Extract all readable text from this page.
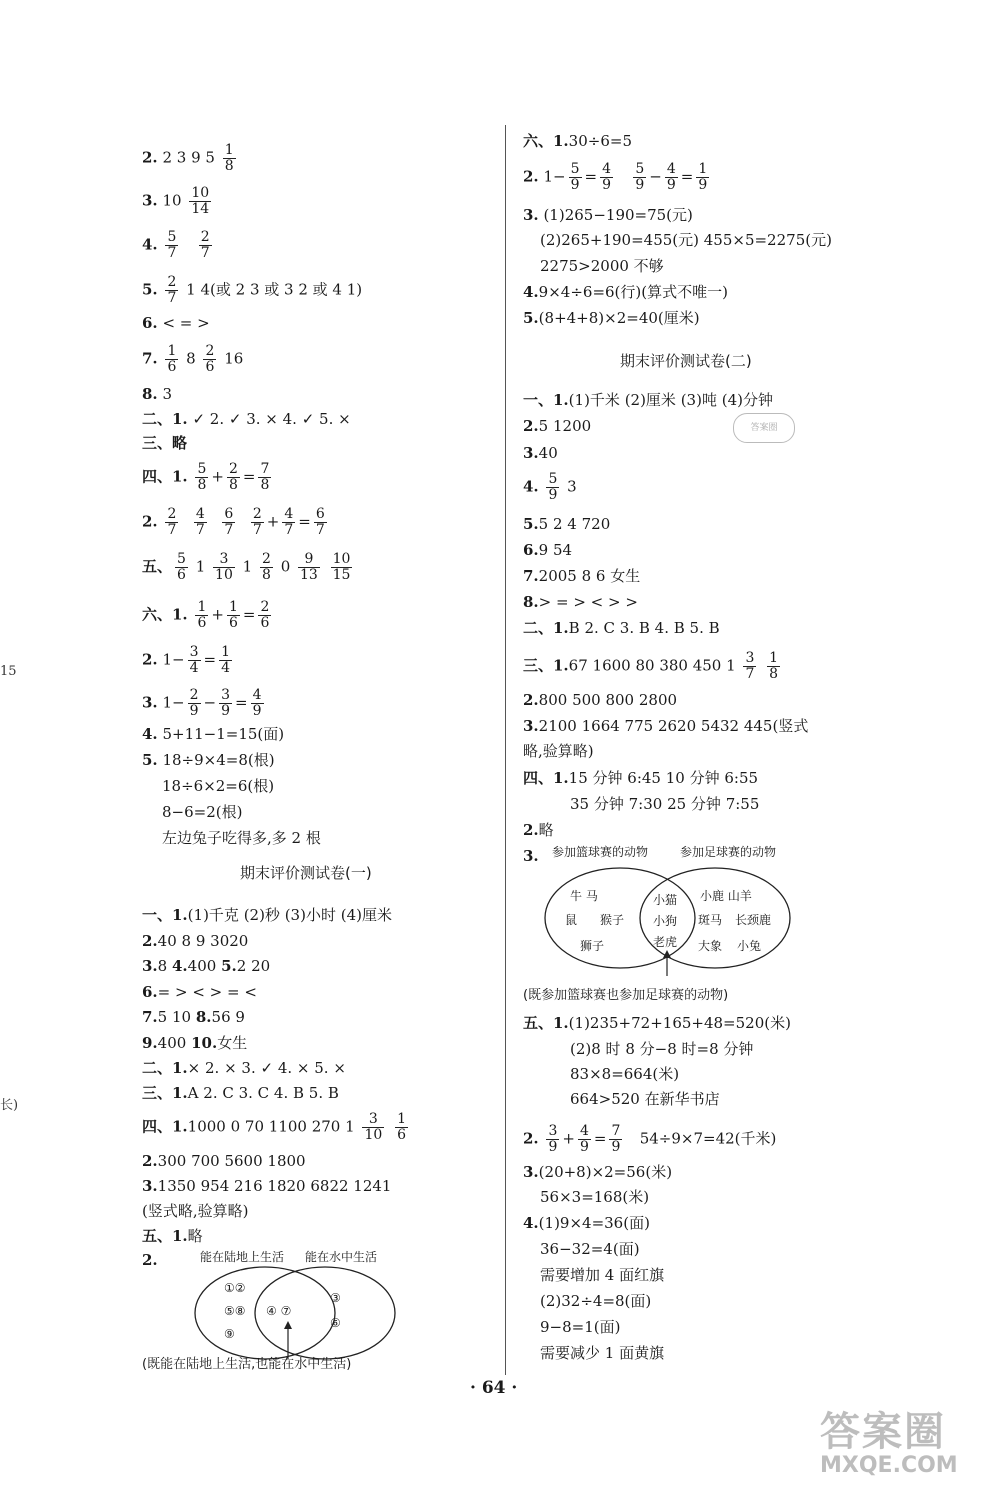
15
长)
2. 2 3 9 $5 \frac{1}{8}$
3. $10 \frac{10}{14}$
4. $\frac{5}{7}$
$\frac{2}{7}$
5. $\frac{2}{7} 1$ 4(或 2 3 或 3 2 或 4 1)
6. < = >
7. $\frac{1}{6} 8 \frac{2}{6} 16$
8. 3
二、1. ✓ 2. ✓ 3. × 4. ✓ 5. ×
三、略
四、1. $\frac{5}{8} + \frac{2}{8} = \frac{7}{8}$
2. $\frac{2}{7}$
$\frac{4}{7}$
$\frac{6}{7}$
$\frac{2}{7} + \frac{4}{7} = \frac{6}{7}$
五、 $\frac{5}{6} 1 \frac{3}{10} 1 \frac{2}{8} 0 \frac{9}{13}$
$\frac{10}{15}$
六、1. $\frac{1}{6} + \frac{1}{6} = \frac{2}{6}$
2. $1- \frac{3}{4} = \frac{1}{4}$
3. $1- \frac{2}{9} - \frac{3}{9} = \frac{4}{9}$
4. 5+11−1=15(面)
5. 18÷9×4=8(根)
18÷6×2=6(根)
8−6=2(根)
左边兔子吃得多,多 2 根
期末评价测试卷(一)
一、1.(1)千克 (2)秒 (3)小时 (4)厘米
2.40 8 9 3020
3.8 4.400 5.2 20
6.= > < > = <
7.5 10 8.56 9
9.400 10.女生
二、1.× 2. × 3. ✓ 4. × 5. ×
三、1.A 2. C 3. C 4. B 5. B
四、1.1000 0 70 1100 270 $1 \frac{3}{10}$
$\frac{1}{6}$
2.300 700 5600 1800
3.1350 954 216 1820 6822 1241
(竖式略,验算略)
五、1.略
2.	能在陆地上生活 能在水中生活
①②
⑤⑧
⑨
④ ⑦
③
⑥
(既能在陆地上生活,也能在水中生活)
六、1.30÷6=5
2. $1- \frac{5}{9} = \frac{4}{9}$
$\frac{5}{9} - \frac{4}{9} = \frac{1}{9}$
3. (1)265−190=75(元)
(2)265+190=455(元) 455×5=2275(元)
2275>2000 不够
4.9×4÷6=6(行)(算式不唯一)
5.(8+4+8)×2=40(厘米)
期末评价测试卷(二)
答案圈
一、1.(1)千米 (2)厘米 (3)吨 (4)分钟
2.5 1200
3.40
4. $\frac{5}{9} 3$
5.5 2 4 720
6.9 54
7.2005 8 6 女生
8.> = > < > >
二、1.B 2. C 3. B 4. B 5. B
三、1.67 1600 80 380 450 $1 \frac{3}{7}$
$\frac{1}{8}$
2.800 500 800 2800
3.2100 1664 775 2620 5432 445(竖式
略,验算略)
四、1.15 分钟 6:45 10 分钟 6:55
35 分钟 7:30 25 分钟 7:55
2.略
3. 参加篮球赛的动物	参加足球赛的动物
牛 马
鼠 猴子
狮子
小猫
小狗
老虎
小鹿 山羊
斑马 长颈鹿
大象 小兔
(既参加篮球赛也参加足球赛的动物)
五、1.(1)235+72+165+48=520(米)
(2)8 时 8 分−8 时=8 分钟
83×8=664(米)
664>520 在新华书店
2. $\frac{3}{9} + \frac{4}{9} = \frac{7}{9} 54\div 9\times 7=42$(千米)
3.(20+8)×2=56(米)
56×3=168(米)
4.(1)9×4=36(面)
36−32=4(面)
需要增加 4 面红旗
(2)32÷4=8(面)
9−8=1(面)
需要减少 1 面黄旗
· 64 ·
答案圈
MXQE.COM
